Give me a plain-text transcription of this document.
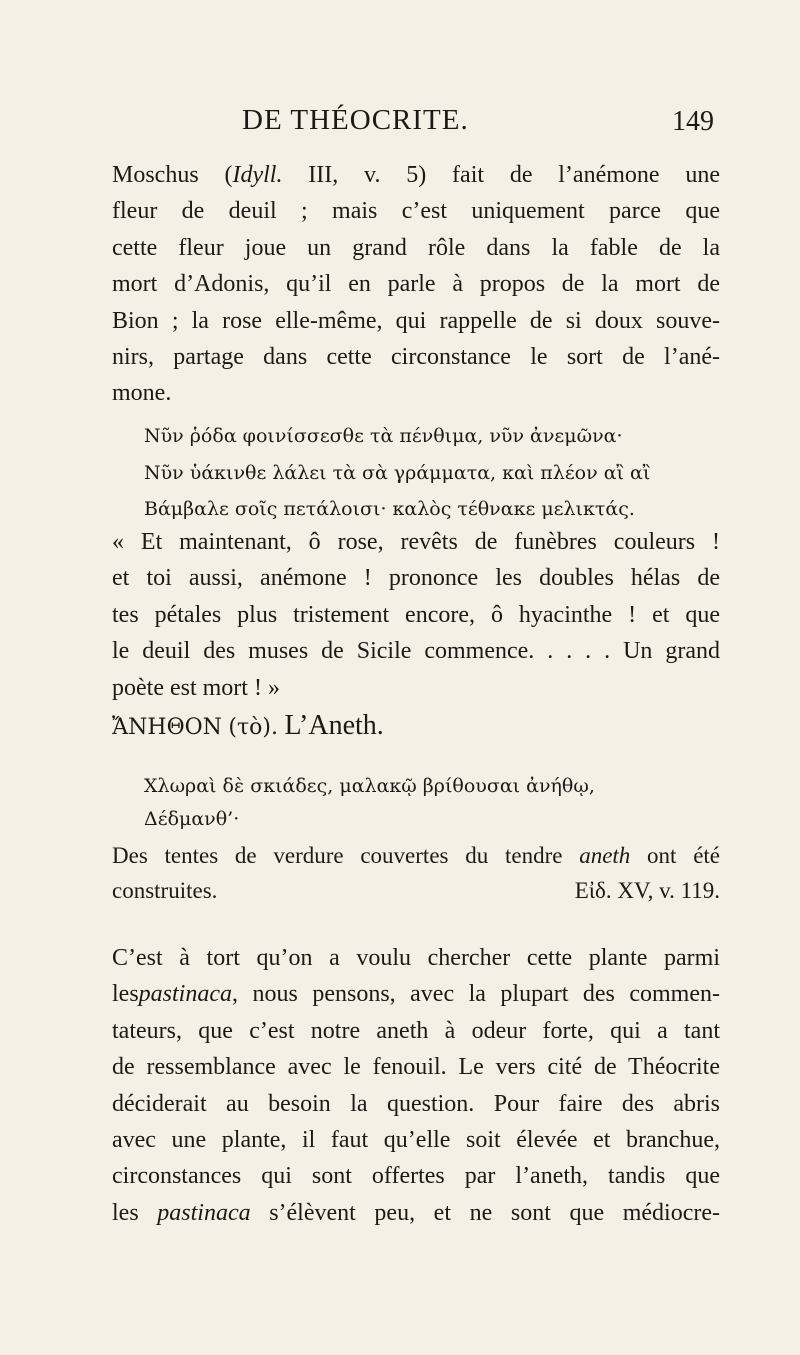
DE THÉOCRITE.	149
Moschus (Idyll. III, v. 5) fait de l’anémone une
fleur de deuil ; mais c’est uniquement parce que
cette fleur joue un grand rôle dans la fable de la
mort d’Adonis, qu’il en parle à propos de la mort de
Bion ; la rose elle-même, qui rappelle de si doux souve-
nirs, partage dans cette circonstance le sort de l’ané-
mone.
Νῦν ῥόδα φοινίσσεσθε τὰ πένθιμα, νῦν ἀνεμῶνα·
Νῦν ὑάκινθε λάλει τὰ σὰ γράμματα, καὶ πλέον αἲ αἲ
Βάμβαλε σοῖς πετάλοισι· καλὸς τέθνακε μελικτάς.
« Et maintenant, ô rose, revêts de funèbres couleurs !
et toi aussi, anémone ! prononce les doubles hélas de
tes pétales plus tristement encore, ô hyacinthe ! et que
le deuil des muses de Sicile commence. . . . . Un grand
poète est mort ! »
ἌΝΗΘΟΝ (τὸ). L’Aneth.
Χλωραὶ δὲ σκιάδες, μαλακῷ βρίθουσαι ἀνήθῳ,
Δέδμανθ’·
Des tentes de verdure couvertes du tendre aneth ont été
construites.	Εἰδ. XV, v. 119.
C’est à tort qu’on a voulu chercher cette plante parmi
lespastinaca, nous pensons, avec la plupart des commen-
tateurs, que c’est notre aneth à odeur forte, qui a tant
de ressemblance avec le fenouil. Le vers cité de Théocrite
déciderait au besoin la question. Pour faire des abris
avec une plante, il faut qu’elle soit élevée et branchue,
circonstances qui sont offertes par l’aneth, tandis que
les pastinaca s’élèvent peu, et ne sont que médiocre-
